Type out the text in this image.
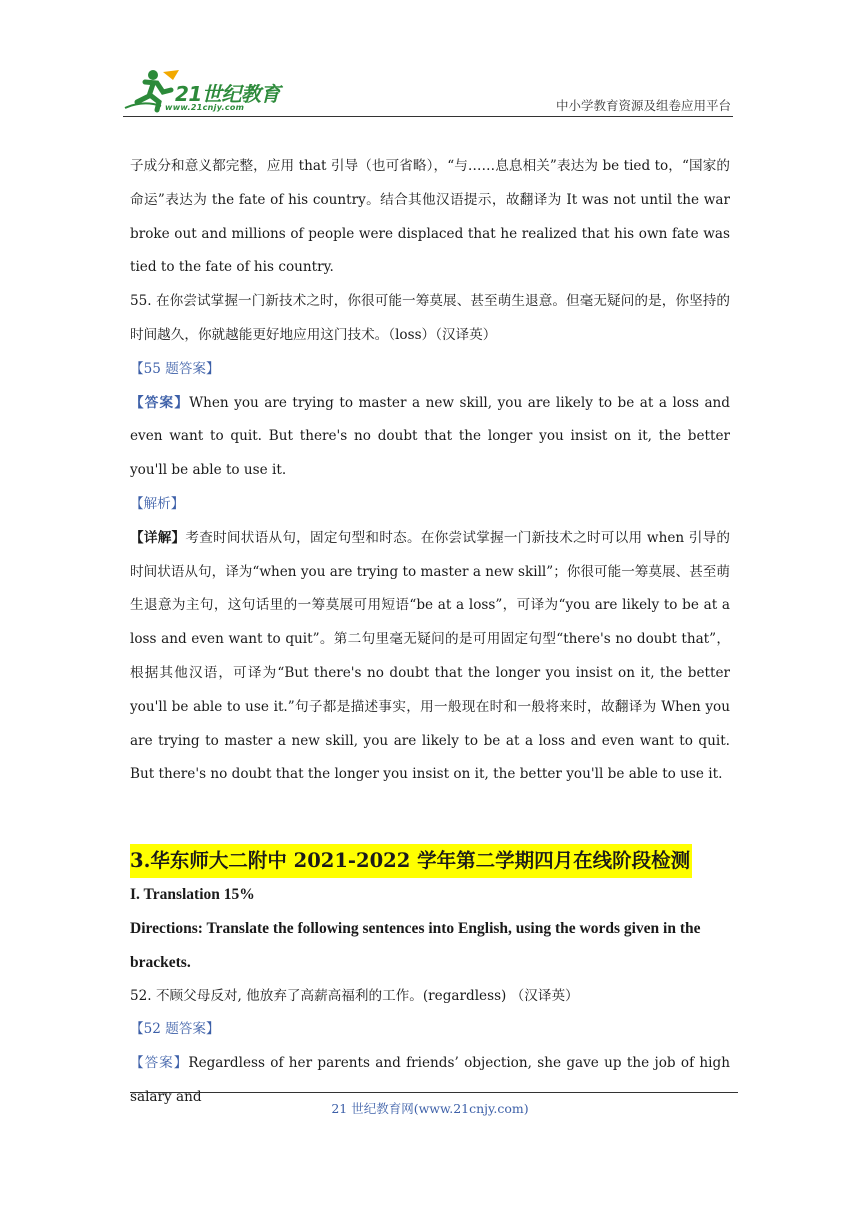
21世纪教育
www.21cnjy.com	中小学教育资源及组卷应用平台

子成分和意义都完整，应用 that 引导（也可省略），“与……息息相关”表达为 be tied to，“国家的命运”表达为 the fate of his country。结合其他汉语提示，故翻译为 It was not until the war broke out and millions of people were displaced that he realized that his own fate was tied to the fate of his country.

55. 在你尝试掌握一门新技术之时，你很可能一筹莫展、甚至萌生退意。但毫无疑问的是，你坚持的时间越久，你就越能更好地应用这门技术。（loss）（汉译英）

【55 题答案】

【答案】When you are trying to master a new skill, you are likely to be at a loss and even want to quit. But there's no doubt that the longer you insist on it, the better you'll be able to use it.

【解析】

【详解】考查时间状语从句，固定句型和时态。在你尝试掌握一门新技术之时可以用 when 引导的时间状语从句，译为“when you are trying to master a new skill”；你很可能一筹莫展、甚至萌生退意为主句，这句话里的一筹莫展可用短语“be at a loss”，可译为“you are likely to be at a loss and even want to quit”。第二句里毫无疑问的是可用固定句型“there's no doubt that”，根据其他汉语，可译为“But there's no doubt that the longer you insist on it, the better you'll be able to use it.”句子都是描述事实，用一般现在时和一般将来时，故翻译为 When you are trying to master a new skill, you are likely to be at a loss and even want to quit. But there's no doubt that the longer you insist on it, the better you'll be able to use it.

3.华东师大二附中 2021-2022 学年第二学期四月在线阶段检测
I. Translation 15%
Directions: Translate the following sentences into English, using the words given in the brackets.

52. 不顾父母反对, 他放弃了高薪高福利的工作。(regardless) （汉译英）

【52 题答案】

【答案】Regardless of her parents and friends’ objection, she gave up the job of high salary and

21 世纪教育网(www.21cnjy.com)
